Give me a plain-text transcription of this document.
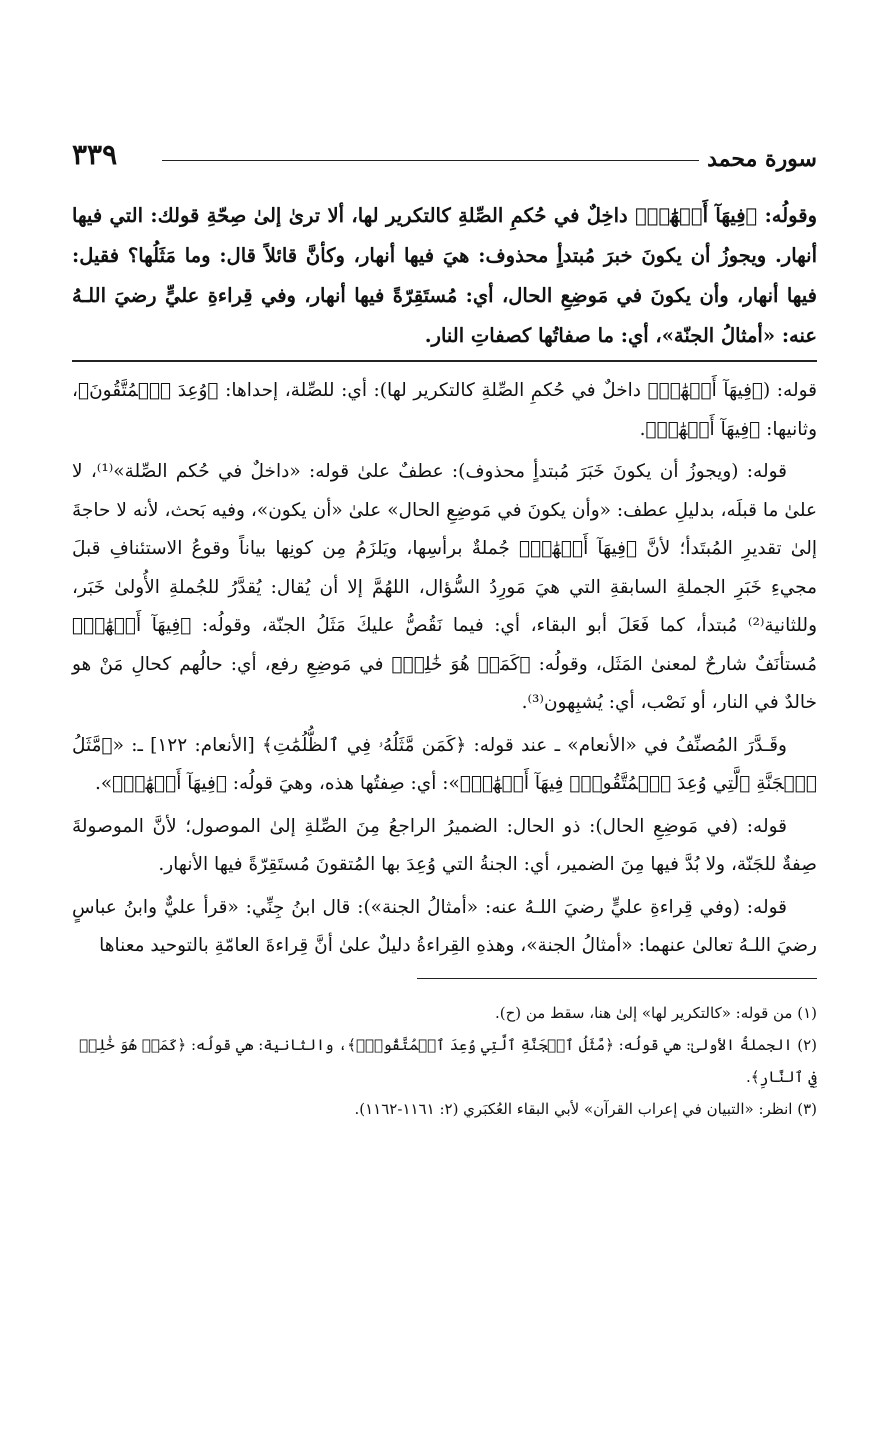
سورة محمد
٣٣٩
وقولُه: ﴿فِيهَآ أَنۡهَٰرٞ﴾ داخِلٌ في حُكمِ الصِّلةِ كالتكرير لها، ألا ترىٰ إلىٰ صِحّةِ قولك: التي فيها أنهار. ويجوزُ أن يكونَ خبرَ مُبتدأٍ محذوف: هيَ فيها أنهار، وكأنَّ قائلاً قال: وما مَثَلُها؟ فقيل: فيها أنهار، وأن يكونَ في مَوضِعِ الحال، أي: مُستَقِرّةً فيها أنهار، وفي قِراءةِ عليٍّ رضيَ اللـهُ عنه: «أمثالُ الجنّة»، أي: ما صفاتُها كصفاتِ النار.

قوله: (﴿فِيهَآ أَنۡهَٰرٞ﴾ داخلٌ في حُكمِ الصِّلةِ كالتكرير لها): أي: للصِّلة، إحداها: ﴿وُعِدَ ٱلۡمُتَّقُونَ﴾، وثانيها: ﴿فِيهَآ أَنۡهَٰرٞ﴾.

قوله: (ويجوزُ أن يكونَ خَبَرَ مُبتدأٍ محذوف): عطفٌ علىٰ قوله: «داخلٌ في حُكم الصِّلة»⁽¹⁾، لا علىٰ ما قبلَه، بدليلِ عطف: «وأن يكونَ في مَوضِعِ الحال» علىٰ «أن يكون»، وفيه بَحث، لأنه لا حاجةَ إلىٰ تقديرِ المُبتَدأ؛ لأنَّ ﴿فِيهَآ أَنۡهَٰرٞ﴾ جُملةٌ برأسِها، ويَلزَمُ مِن كونِها بياناً وقوعُ الاستئنافِ قبلَ مجيءِ خَبَرِ الجملةِ السابقةِ التي هيَ مَورِدُ السُّؤال، اللهُمَّ إلا أن يُقال: يُقدَّرُ للجُملةِ الأُولىٰ خَبَر، وللثانية⁽²⁾ مُبتدأ، كما فَعَلَ أبو البقاء، أي: فيما نَقُصُّ عليكَ مَثَلُ الجنّة، وقولُه: ﴿فِيهَآ أَنۡهَٰرٞ﴾ مُستأنَفٌ شارحٌ لمعنىٰ المَثَل، وقولُه: ﴿كَمَنۡ هُوَ خَٰلِدٞ﴾ في مَوضِعِ رفع، أي: حالُهم كحالِ مَنْ هو خالدٌ في النار، أو نَصْب، أي: يُشبِهون⁽³⁾.

وقَـدَّرَ المُصنِّفُ في «الأنعام» ـ عند قوله: ﴿كَمَن مَّثَلُهُۥ فِي ٱلظُّلُمَٰتِ﴾ [الأنعام: ١٢٢] ـ: «﴿مَّثَلُ ٱلۡجَنَّةِ ٱلَّتِي وُعِدَ ٱلۡمُتَّقُونَۖ فِيهَآ أَنۡهَٰرٞ﴾»: أي: صِفتُها هذه، وهيَ قولُه: ﴿فِيهَآ أَنۡهَٰرٞ﴾».

قوله: (في مَوضِعِ الحال): ذو الحال: الضميرُ الراجعُ مِنَ الصِّلةِ إلىٰ الموصول؛ لأنَّ الموصولةَ صِفةٌ للجَنّة، ولا بُدَّ فيها مِنَ الضمير، أي: الجنةُ التي وُعِدَ بها المُتقونَ مُستَقِرّةً فيها الأنهار.

قوله: (وفي قِراءةِ عليٍّ رضيَ اللـهُ عنه: «أمثالُ الجنة»): قال ابنُ جِنِّي: «قرأ عليٌّ وابنُ عباسٍ رضيَ اللـهُ تعالىٰ عنهما: «أمثالُ الجنة»، وهذهِ القِراءةُ دليلٌ علىٰ أنَّ قِراءةَ العامّةِ بالتوحيد معناها

(١) من قوله: «كالتكرير لها» إلىٰ هنا، سقط من (ح).
(٢) الجملةُ الأولىٰ: هي قولُه: ﴿مَّثَلُ ٱلۡجَنَّةِ ٱلَّتِي وُعِدَ ٱلۡمُتَّقُونَۖ﴾، والثانية: هي قولُه: ﴿كَمَنۡ هُوَ خَٰلِدٞ فِي ٱلنَّارِ﴾.
(٣) انظر: «التبيان في إعراب القرآن» لأبي البقاء العُكبَري (٢: ١١٦١-١١٦٢).
